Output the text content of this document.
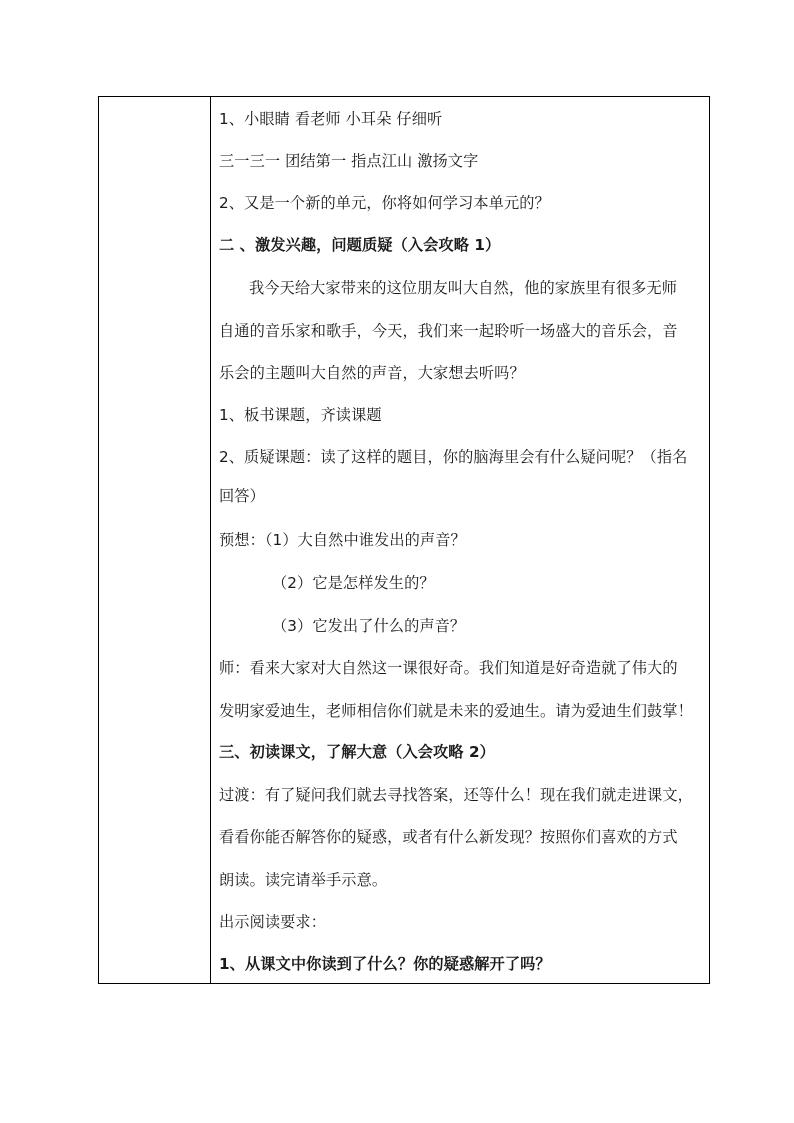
1、小眼睛 看老师 小耳朵 仔细听
三一三一 团结第一 指点江山 激扬文字
2、又是一个新的单元，你将如何学习本单元的？
二 、激发兴趣，问题质疑（入会攻略 1）
我今天给大家带来的这位朋友叫大自然，他的家族里有很多无师
自通的音乐家和歌手，今天，我们来一起聆听一场盛大的音乐会，音
乐会的主题叫大自然的声音，大家想去听吗？
1、板书课题，齐读课题
2、质疑课题：读了这样的题目，你的脑海里会有什么疑问呢？（指名
回答）
预想：（1）大自然中谁发出的声音？
（2）它是怎样发生的？
（3）它发出了什么的声音？
师：看来大家对大自然这一课很好奇。我们知道是好奇造就了伟大的
发明家爱迪生，老师相信你们就是未来的爱迪生。请为爱迪生们鼓掌！
三、初读课文，了解大意（入会攻略 2）
过渡：有了疑问我们就去寻找答案，还等什么！现在我们就走进课文，
看看你能否解答你的疑惑，或者有什么新发现？按照你们喜欢的方式
朗读。读完请举手示意。
出示阅读要求：
1、从课文中你读到了什么？你的疑惑解开了吗？
